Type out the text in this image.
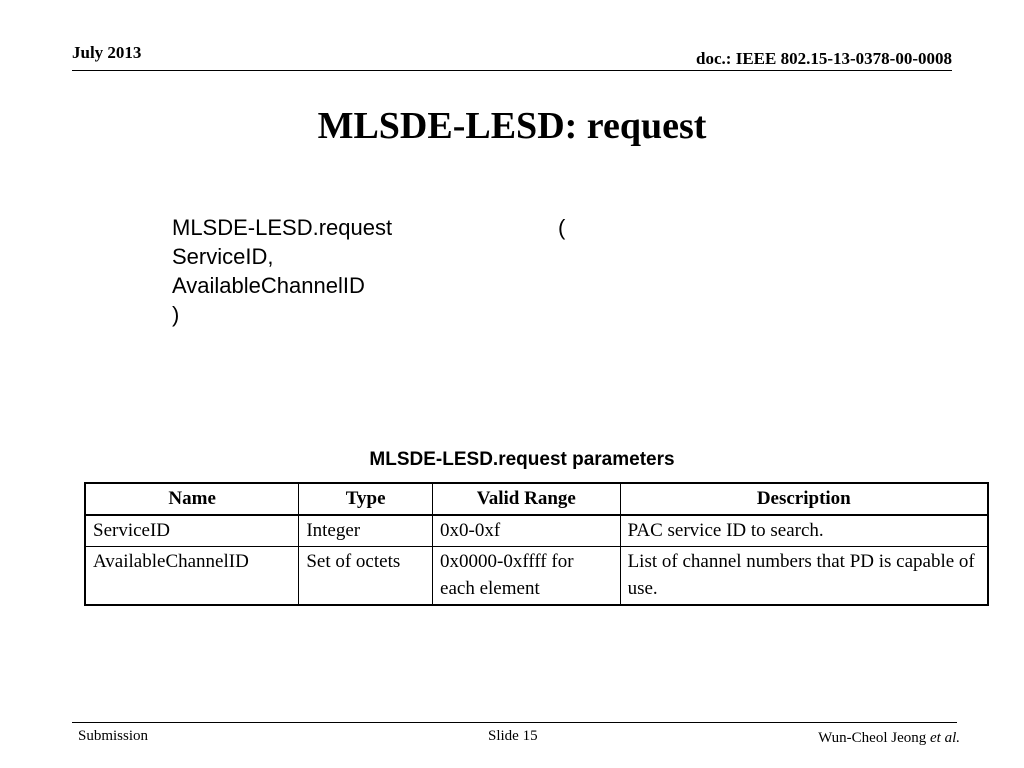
July 2013	doc.: IEEE 802.15-13-0378-00-0008
MLSDE-LESD: request
MLSDE-LESD.request	(
ServiceID,
AvailableChannelID
)
MLSDE-LESD.request parameters
Name	Type	Valid Range	Description
ServiceID	Integer	0x0-0xf	PAC service ID to search.
AvailableChannelID	Set of octets	0x0000-0xffff for each element	List of channel numbers that PD is capable of use.
Submission	Slide 15	Wun-Cheol Jeong et al.
